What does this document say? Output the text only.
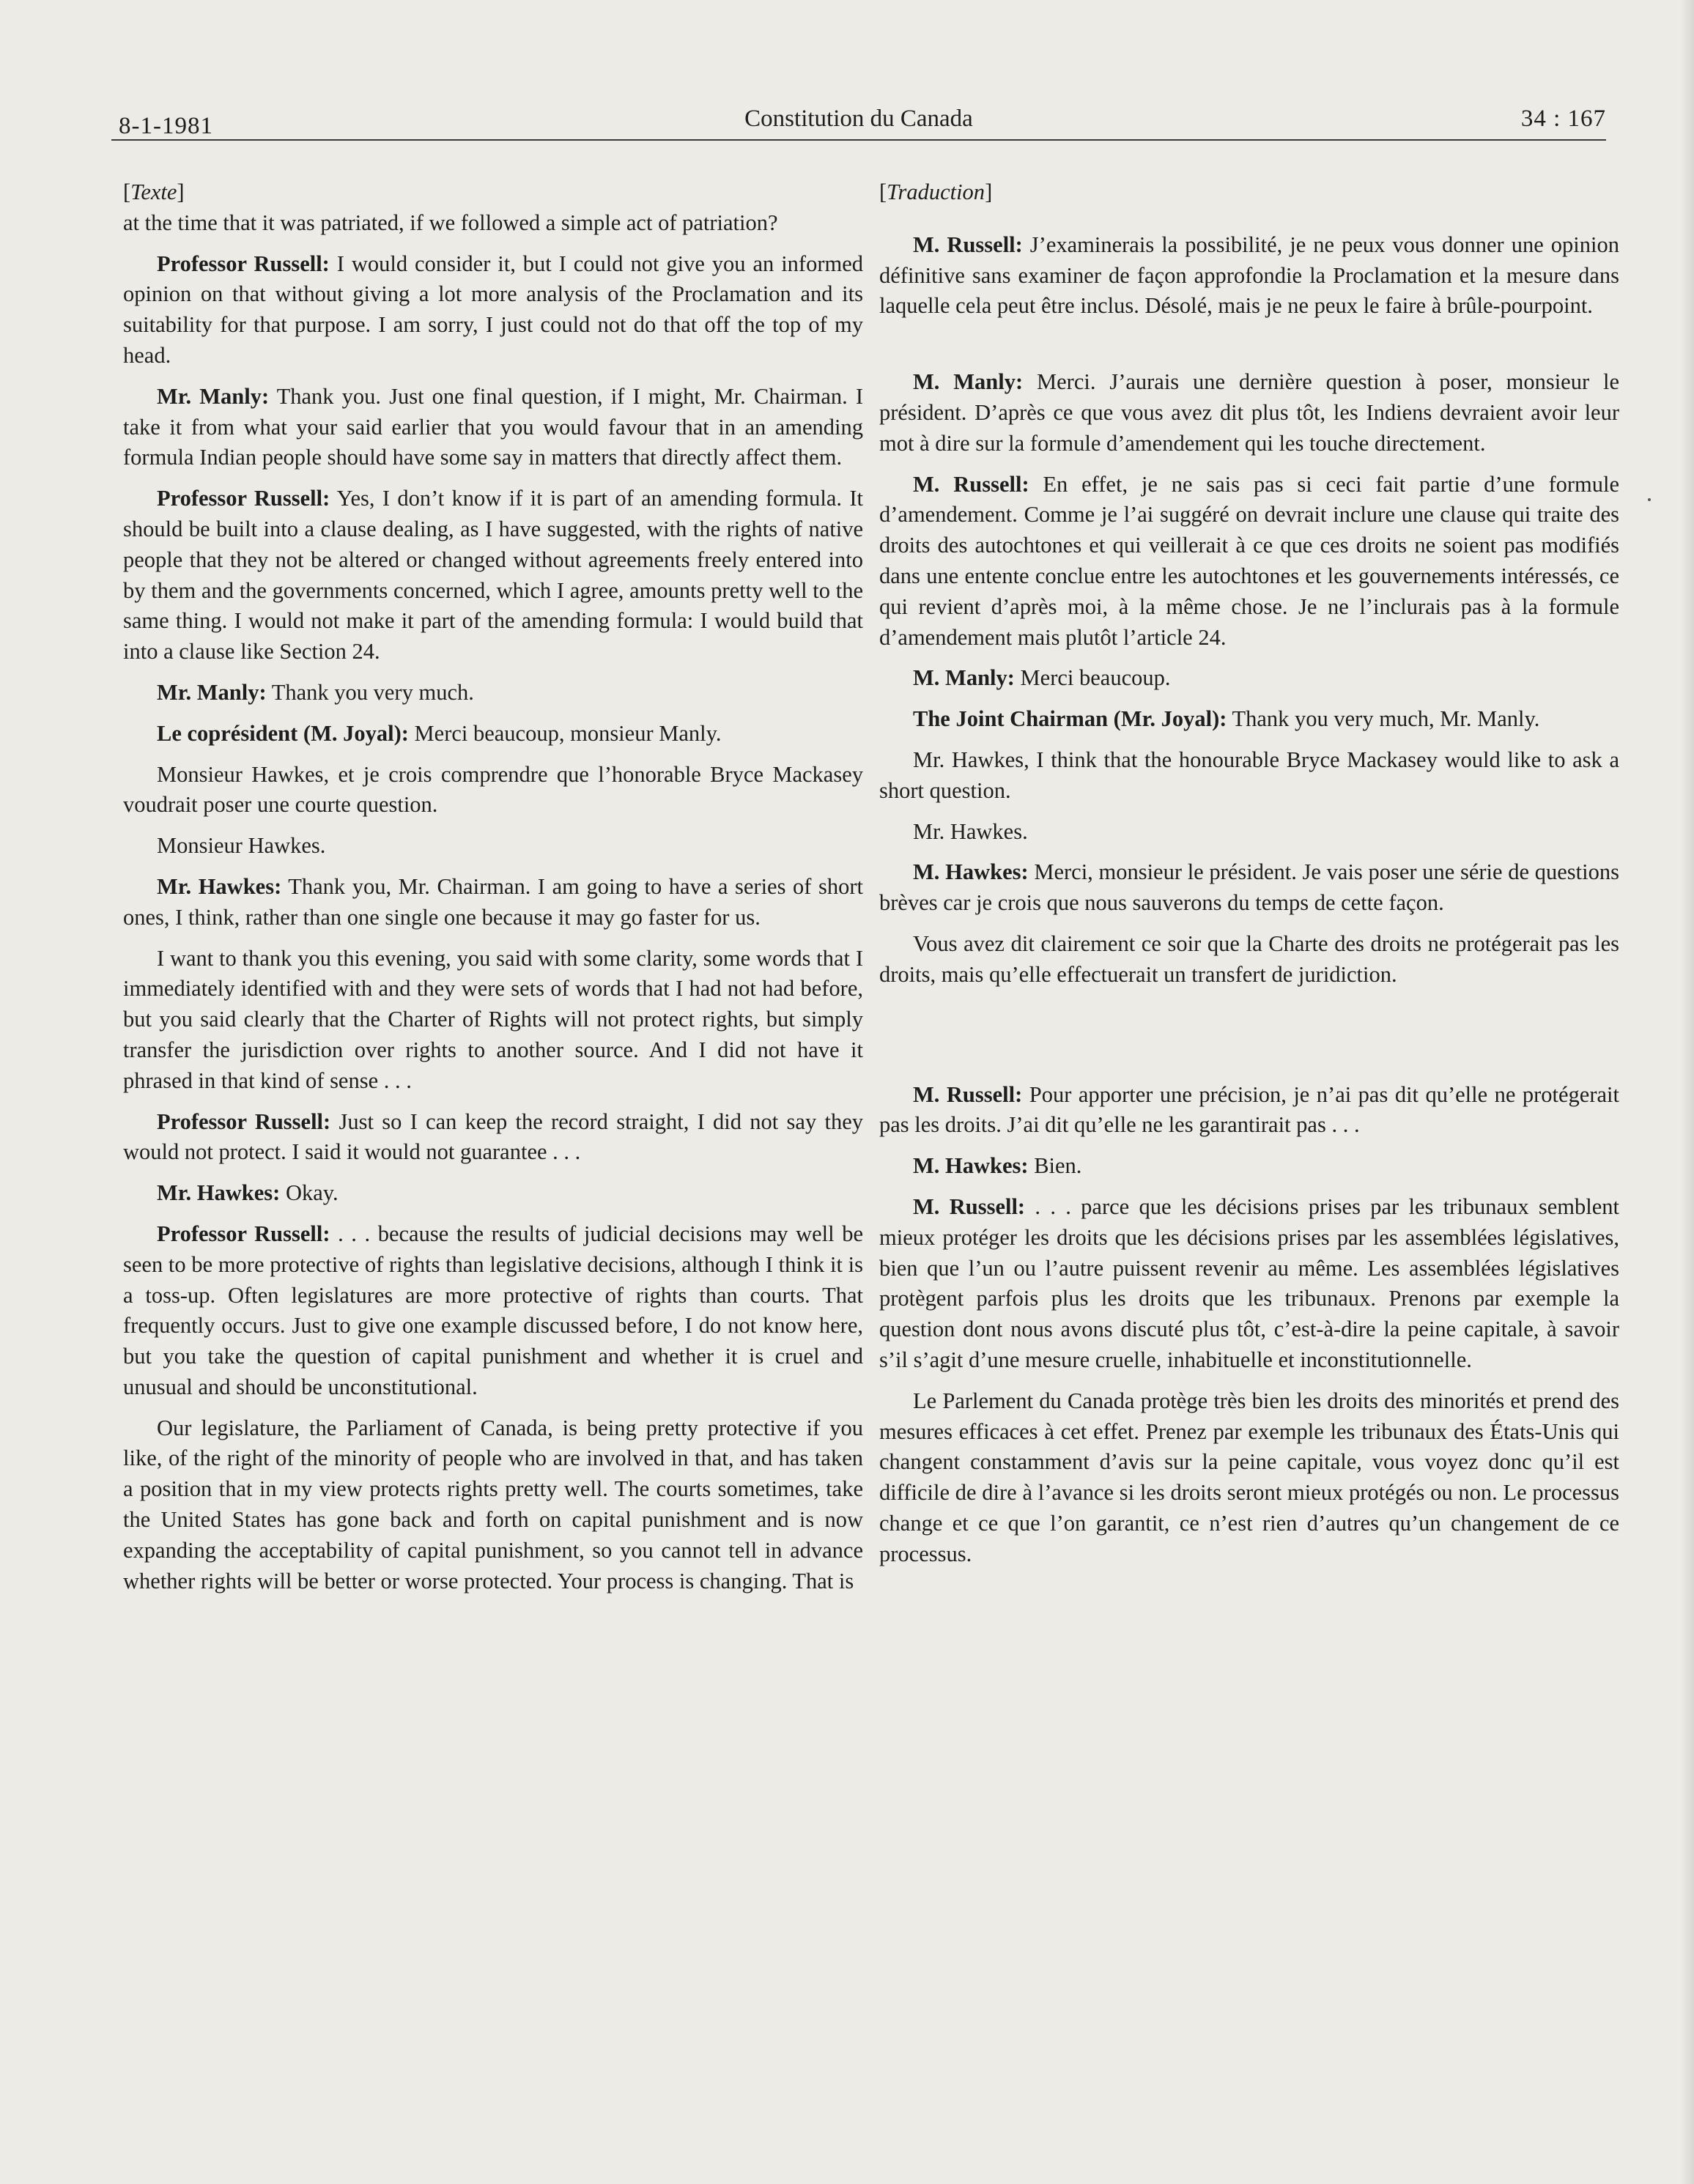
8-1-1981	Constitution du Canada	34 : 167
[Texte]

at the time that it was patriated, if we followed a simple act of patriation?

Professor Russell: I would consider it, but I could not give you an informed opinion on that without giving a lot more analysis of the Proclamation and its suitability for that purpose. I am sorry, I just could not do that off the top of my head.

Mr. Manly: Thank you. Just one final question, if I might, Mr. Chairman. I take it from what your said earlier that you would favour that in an amending formula Indian people should have some say in matters that directly affect them.

Professor Russell: Yes, I don’t know if it is part of an amending formula. It should be built into a clause dealing, as I have suggested, with the rights of native people that they not be altered or changed without agreements freely entered into by them and the governments concerned, which I agree, amounts pretty well to the same thing. I would not make it part of the amending formula: I would build that into a clause like Section 24.

Mr. Manly: Thank you very much.

Le coprésident (M. Joyal): Merci beaucoup, monsieur Manly.

Monsieur Hawkes, et je crois comprendre que l’honorable Bryce Mackasey voudrait poser une courte question.

Monsieur Hawkes.

Mr. Hawkes: Thank you, Mr. Chairman. I am going to have a series of short ones, I think, rather than one single one because it may go faster for us.

I want to thank you this evening, you said with some clarity, some words that I immediately identified with and they were sets of words that I had not had before, but you said clearly that the Charter of Rights will not protect rights, but simply transfer the jurisdiction over rights to another source. And I did not have it phrased in that kind of sense . . .

Professor Russell: Just so I can keep the record straight, I did not say they would not protect. I said it would not guarantee . . .

Mr. Hawkes: Okay.

Professor Russell: . . . because the results of judicial decisions may well be seen to be more protective of rights than legislative decisions, although I think it is a toss-up. Often legislatures are more protective of rights than courts. That frequently occurs. Just to give one example discussed before, I do not know here, but you take the question of capital punishment and whether it is cruel and unusual and should be unconstitutional.

Our legislature, the Parliament of Canada, is being pretty protective if you like, of the right of the minority of people who are involved in that, and has taken a position that in my view protects rights pretty well. The courts sometimes, take the United States has gone back and forth on capital punishment and is now expanding the acceptability of capital punishment, so you cannot tell in advance whether rights will be better or worse protected. Your process is changing. That is

[Traduction]

M. Russell: J’examinerais la possibilité, je ne peux vous donner une opinion définitive sans examiner de façon approfondie la Proclamation et la mesure dans laquelle cela peut être inclus. Désolé, mais je ne peux le faire à brûle-pourpoint.

M. Manly: Merci. J’aurais une dernière question à poser, monsieur le président. D’après ce que vous avez dit plus tôt, les Indiens devraient avoir leur mot à dire sur la formule d’amendement qui les touche directement.

M. Russell: En effet, je ne sais pas si ceci fait partie d’une formule d’amendement. Comme je l’ai suggéré on devrait inclure une clause qui traite des droits des autochtones et qui veillerait à ce que ces droits ne soient pas modifiés dans une entente conclue entre les autochtones et les gouvernements intéressés, ce qui revient d’après moi, à la même chose. Je ne l’inclurais pas à la formule d’amendement mais plutôt l’article 24.

M. Manly: Merci beaucoup.

The Joint Chairman (Mr. Joyal): Thank you very much, Mr. Manly.

Mr. Hawkes, I think that the honourable Bryce Mackasey would like to ask a short question.

Mr. Hawkes.

M. Hawkes: Merci, monsieur le président. Je vais poser une série de questions brèves car je crois que nous sauverons du temps de cette façon.

Vous avez dit clairement ce soir que la Charte des droits ne protégerait pas les droits, mais qu’elle effectuerait un transfert de juridiction.

M. Russell: Pour apporter une précision, je n’ai pas dit qu’elle ne protégerait pas les droits. J’ai dit qu’elle ne les garantirait pas . . .

M. Hawkes: Bien.

M. Russell: . . . parce que les décisions prises par les tribunaux semblent mieux protéger les droits que les décisions prises par les assemblées législatives, bien que l’un ou l’autre puissent revenir au même. Les assemblées législatives protègent parfois plus les droits que les tribunaux. Prenons par exemple la question dont nous avons discuté plus tôt, c’est-à-dire la peine capitale, à savoir s’il s’agit d’une mesure cruelle, inhabituelle et inconstitutionnelle.

Le Parlement du Canada protège très bien les droits des minorités et prend des mesures efficaces à cet effet. Prenez par exemple les tribunaux des États-Unis qui changent constamment d’avis sur la peine capitale, vous voyez donc qu’il est difficile de dire à l’avance si les droits seront mieux protégés ou non. Le processus change et ce que l’on garantit, ce n’est rien d’autres qu’un changement de ce processus.
